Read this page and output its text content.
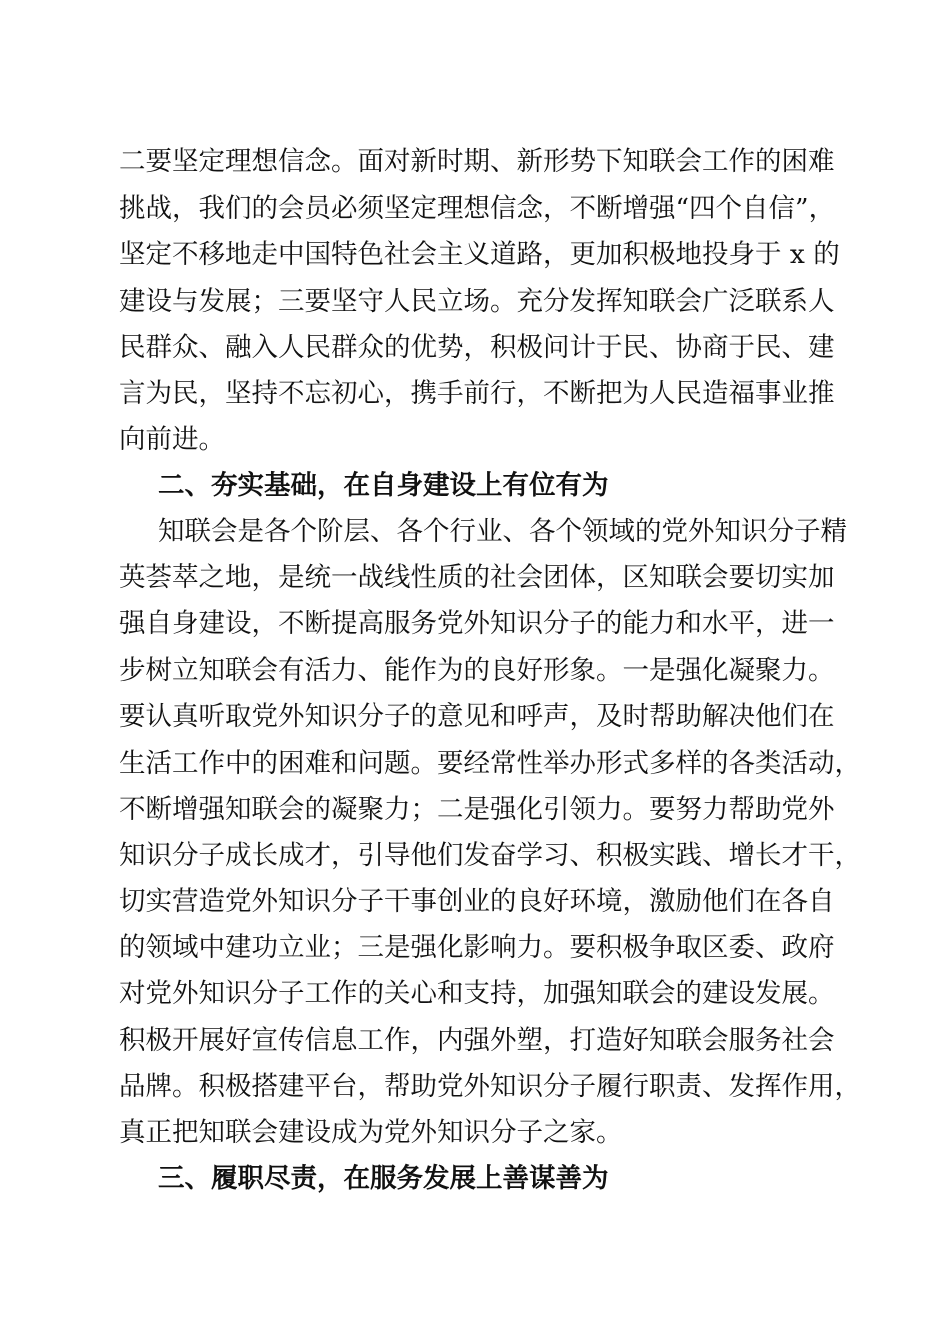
二要坚定理想信念。面对新时期、新形势下知联会工作的困难
挑战，我们的会员必须坚定理想信念，不断增强“四个自信”，
坚定不移地走中国特色社会主义道路，更加积极地投身于 x 的
建设与发展；三要坚守人民立场。充分发挥知联会广泛联系人
民群众、融入人民群众的优势，积极问计于民、协商于民、建
言为民，坚持不忘初心，携手前行，不断把为人民造福事业推
向前进。
二、夯实基础，在自身建设上有位有为
知联会是各个阶层、各个行业、各个领域的党外知识分子精
英荟萃之地，是统一战线性质的社会团体，区知联会要切实加
强自身建设，不断提高服务党外知识分子的能力和水平，进一
步树立知联会有活力、能作为的良好形象。一是强化凝聚力。
要认真听取党外知识分子的意见和呼声，及时帮助解决他们在
生活工作中的困难和问题。要经常性举办形式多样的各类活动，
不断增强知联会的凝聚力；二是强化引领力。要努力帮助党外
知识分子成长成才，引导他们发奋学习、积极实践、增长才干，
切实营造党外知识分子干事创业的良好环境，激励他们在各自
的领域中建功立业；三是强化影响力。要积极争取区委、政府
对党外知识分子工作的关心和支持，加强知联会的建设发展。
积极开展好宣传信息工作，内强外塑，打造好知联会服务社会
品牌。积极搭建平台，帮助党外知识分子履行职责、发挥作用，
真正把知联会建设成为党外知识分子之家。
三、履职尽责，在服务发展上善谋善为
